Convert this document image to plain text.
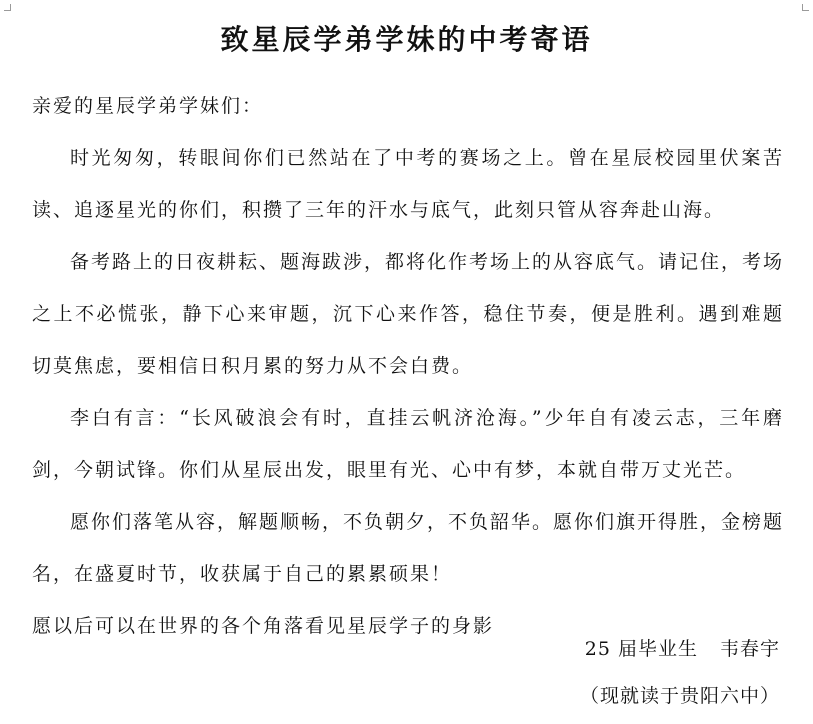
致星辰学弟学妹的中考寄语

亲爱的星辰学弟学妹们：

时光匆匆，转眼间你们已然站在了中考的赛场之上。曾在星辰校园里伏案苦读、追逐星光的你们，积攒了三年的汗水与底气，此刻只管从容奔赴山海。

备考路上的日夜耕耘、题海跋涉，都将化作考场上的从容底气。请记住，考场之上不必慌张，静下心来审题，沉下心来作答，稳住节奏，便是胜利。遇到难题切莫焦虑，要相信日积月累的努力从不会白费。

李白有言：“长风破浪会有时，直挂云帆济沧海。”少年自有凌云志，三年磨剑，今朝试锋。你们从星辰出发，眼里有光、心中有梦，本就自带万丈光芒。

愿你们落笔从容，解题顺畅，不负朝夕，不负韶华。愿你们旗开得胜，金榜题名，在盛夏时节，收获属于自己的累累硕果！

愿以后可以在世界的各个角落看见星辰学子的身影

25 届毕业生 韦春宇
（现就读于贵阳六中）
